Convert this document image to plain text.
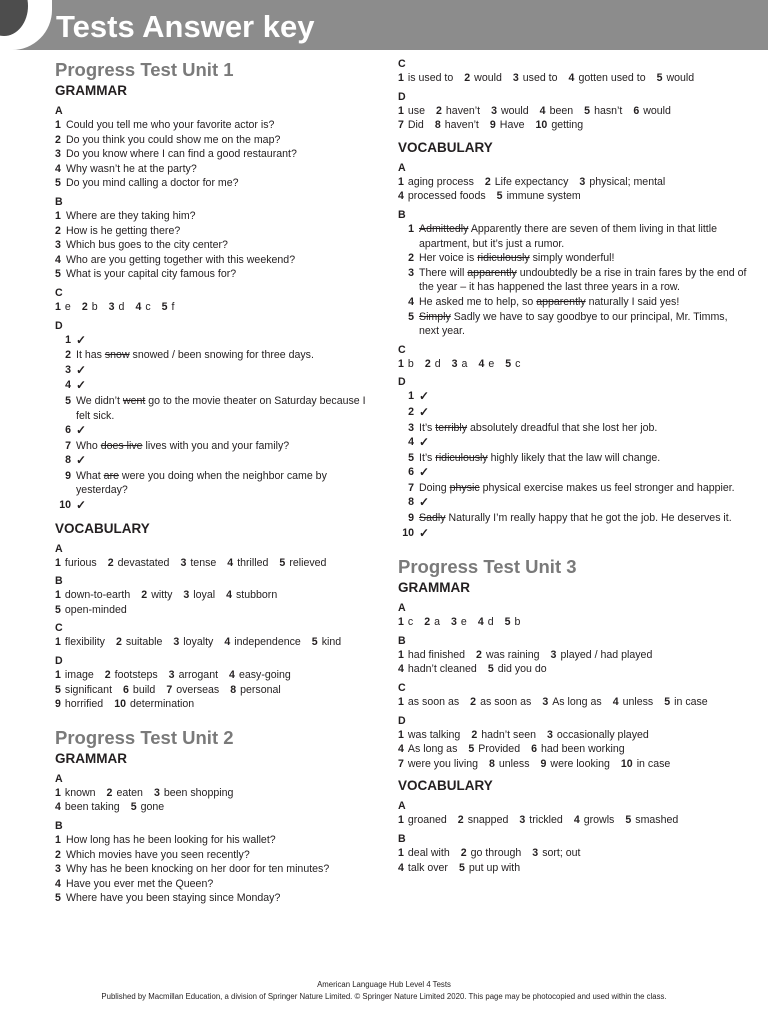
Tests Answer key
Progress Test Unit 1
GRAMMAR
A
1 Could you tell me who your favorite actor is?
2 Do you think you could show me on the map?
3 Do you know where I can find a good restaurant?
4 Why wasn’t he at the party?
5 Do you mind calling a doctor for me?
B
1 Where are they taking him?
2 How is he getting there?
3 Which bus goes to the city center?
4 Who are you getting together with this weekend?
5 What is your capital city famous for?
C
1 e 2 b 3 d 4 c 5 f
D
1 ✓
2 It has snow snowed / been snowing for three days.
3 ✓
4 ✓
5 We didn’t went go to the movie theater on Saturday because I felt sick.
6 ✓
7 Who does live lives with you and your family?
8 ✓
9 What are were you doing when the neighbor came by yesterday?
10 ✓
VOCABULARY
A
1 furious 2 devastated 3 tense 4 thrilled 5 relieved
B
1 down-to-earth 2 witty 3 loyal 4 stubborn
5 open-minded
C
1 flexibility 2 suitable 3 loyalty 4 independence 5 kind
D
1 image 2 footsteps 3 arrogant 4 easy-going
5 significant 6 build 7 overseas 8 personal
9 horrified 10 determination
Progress Test Unit 2
GRAMMAR
A
1 known 2 eaten 3 been shopping
4 been taking 5 gone
B
1 How long has he been looking for his wallet?
2 Which movies have you seen recently?
3 Why has he been knocking on her door for ten minutes?
4 Have you ever met the Queen?
5 Where have you been staying since Monday?
C
1 is used to 2 would 3 used to 4 gotten used to 5 would
D
1 use 2 haven’t 3 would 4 been 5 hasn’t 6 would
7 Did 8 haven’t 9 Have 10 getting
VOCABULARY
A
1 aging process 2 Life expectancy 3 physical; mental
4 processed foods 5 immune system
B
1 Admittedly Apparently there are seven of them living in that little apartment, but it’s just a rumor.
2 Her voice is ridiculously simply wonderful!
3 There will apparently undoubtedly be a rise in train fares by the end of the year – it has happened the last three years in a row.
4 He asked me to help, so apparently naturally I said yes!
5 Simply Sadly we have to say goodbye to our principal, Mr. Timms, next year.
C
1 b 2 d 3 a 4 e 5 c
D
1 ✓
2 ✓
3 It’s terribly absolutely dreadful that she lost her job.
4 ✓
5 It’s ridiculously highly likely that the law will change.
6 ✓
7 Doing physic physical exercise makes us feel stronger and happier.
8 ✓
9 Sadly Naturally I’m really happy that he got the job. He deserves it.
10 ✓
Progress Test Unit 3
GRAMMAR
A
1 c 2 a 3 e 4 d 5 b
B
1 had finished 2 was raining 3 played / had played
4 hadn’t cleaned 5 did you do
C
1 as soon as 2 as soon as 3 As long as 4 unless 5 in case
D
1 was talking 2 hadn’t seen 3 occasionally played
4 As long as 5 Provided 6 had been working
7 were you living 8 unless 9 were looking 10 in case
VOCABULARY
A
1 groaned 2 snapped 3 trickled 4 growls 5 smashed
B
1 deal with 2 go through 3 sort; out
4 talk over 5 put up with
American Language Hub Level 4 Tests
Published by Macmillan Education, a division of Springer Nature Limited. © Springer Nature Limited 2020. This page may be photocopied and used within the class.
